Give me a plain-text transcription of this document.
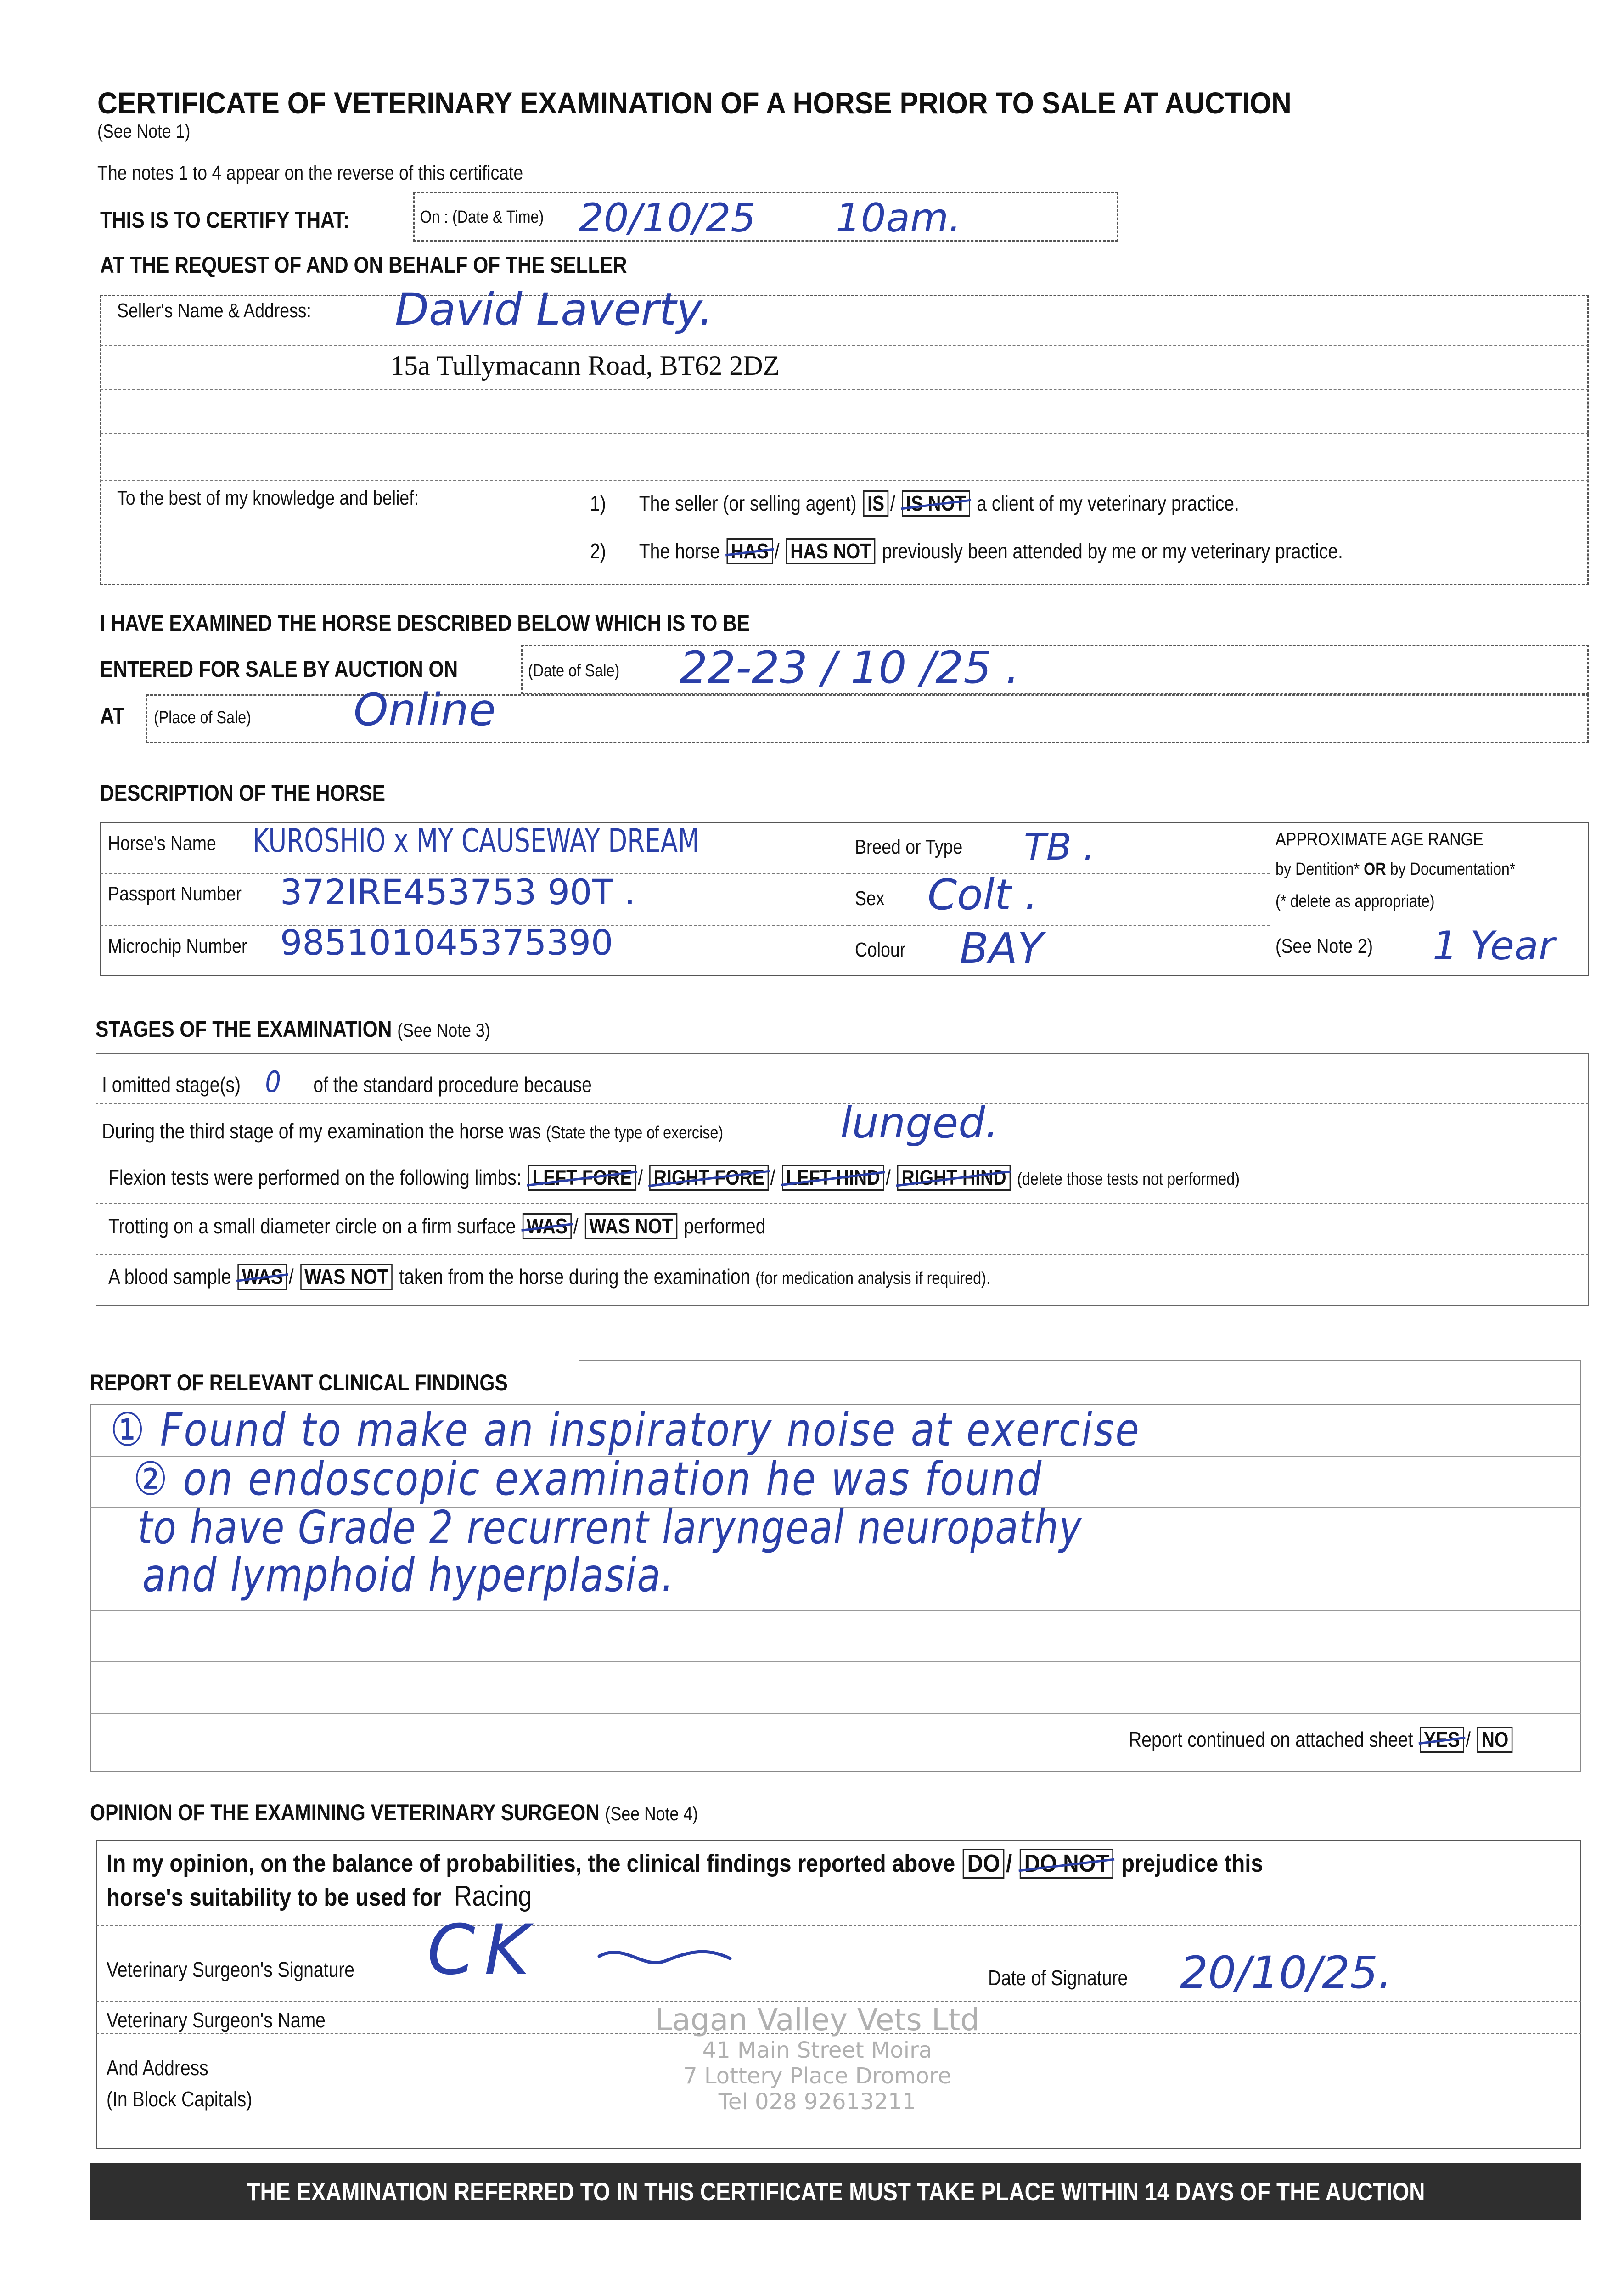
CERTIFICATE OF VETERINARY EXAMINATION OF A HORSE PRIOR TO SALE AT AUCTION
(See Note 1)
The notes 1 to 4 appear on the reverse of this certificate
THIS IS TO CERTIFY THAT:	On : (Date & Time) 20/10/25 10am.
AT THE REQUEST OF AND ON BEHALF OF THE SELLER
Seller's Name & Address: David Laverty.
15a Tullymacann Road, BT62 2DZ
To the best of my knowledge and belief:	1) The seller (or selling agent) IS / IS NOT a client of my veterinary practice.
2) The horse HAS / HAS NOT previously been attended by me or my veterinary practice.
I HAVE EXAMINED THE HORSE DESCRIBED BELOW WHICH IS TO BE
ENTERED FOR SALE BY AUCTION ON	(Date of Sale) 22-23 / 10 /25 .
AT (Place of Sale) Online
DESCRIPTION OF THE HORSE
Horse's Name KUROSHIO x MY CAUSEWAY DREAM
Passport Number 372IRE453753 90T .
Microchip Number 985101045375390
Breed or Type TB .
Sex Colt .
Colour BAY
APPROXIMATE AGE RANGE
by Dentition* OR by Documentation*
(* delete as appropriate)
(See Note 2) 1 Year
STAGES OF THE EXAMINATION (See Note 3)
I omitted stage(s) 0 of the standard procedure because
During the third stage of my examination the horse was (State the type of exercise)	lunged.
Flexion tests were performed on the following limbs: LEFT FORE / RIGHT FORE / LEFT HIND / RIGHT HIND (delete those tests not performed)
Trotting on a small diameter circle on a firm surface WAS / WAS NOT performed
A blood sample WAS / WAS NOT taken from the horse during the examination (for medication analysis if required).
REPORT OF RELEVANT CLINICAL FINDINGS
① Found to make an inspiratory noise at exercise
② on endoscopic examination he was found
to have Grade 2 recurrent laryngeal neuropathy
and lymphoid hyperplasia.
Report continued on attached sheet YES / NO
OPINION OF THE EXAMINING VETERINARY SURGEON (See Note 4)
In my opinion, on the balance of probabilities, the clinical findings reported above DO / DO NOT prejudice this
horse's suitability to be used for Racing
Veterinary Surgeon's Signature CK	Date of Signature 20/10/25.
Veterinary Surgeon's Name
And Address
(In Block Capitals)
Lagan Valley Vets Ltd
41 Main Street Moira
7 Lottery Place Dromore
Tel 028 92613211
THE EXAMINATION REFERRED TO IN THIS CERTIFICATE MUST TAKE PLACE WITHIN 14 DAYS OF THE AUCTION
